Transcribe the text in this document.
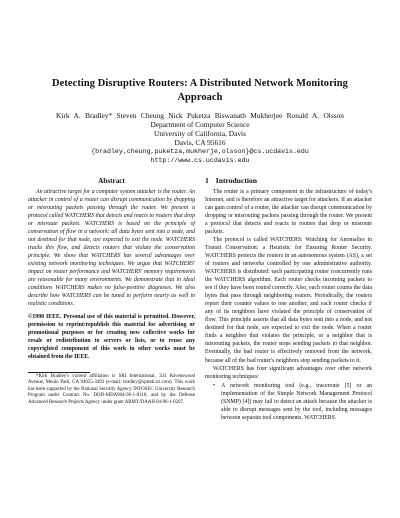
Detecting Disruptive Routers: A Distributed Network Monitoring
Approach
Kirk A. Bradley* Steven Cheung Nick Puketza Biswanath Mukherjee Ronald A. Olsson
Department of Computer Science
University of California, Davis
Davis, CA 95616
{bradley,cheung,puketza,mukherje,olsson}@cs.ucdavis.edu
http://www.cs.ucdavis.edu
Abstract
An attractive target for a computer system attacker is the router. An attacker in control of a router can disrupt communication by dropping or misrouting packets passing through the router. We present a protocol called WATCHERS that detects and reacts to routers that drop or misroute packets. WATCHERS is based on the principle of conservation of flow in a network: all data bytes sent into a node, and not destined for that node, are expected to exit the node. WATCHERS tracks this flow, and detects routers that violate the conservation principle. We show that WATCHERS has several advantages over existing network monitoring techniques. We argue that WATCHERS' impact on router performance and WATCHERS' memory requirements are reasonable for many environments. We demonstrate that in ideal conditions WATCHERS makes no false-positive diagnoses. We also describe how WATCHERS can be tuned to perform nearly as well in realistic conditions.
©1998 IEEE. Personal use of this material is permitted. However, permission to reprint/republish this material for advertising or promotional purposes or for creating new collective works for resale or redistribution to servers or lists, or to reuse any copyrighted component of this work in other works must be obtained from the IEEE.
*Kirk Bradley's current affiliation is SRI International, 333 Ravenswood Avenue, Menlo Park, CA 94025-3493 (e-mail: bradley@sprtek.sri.com). This work has been supported by the National Security Agency INFOSEC University Research Program under Contract No. DOD-MDA904-96-1-0118, and by the Defense Advanced Research Projects Agency under grant ARMY/DAAH 04-96-1-0207.
1 Introduction
The router is a primary component in the infrastructure of today's Internet, and is therefore an attractive target for attackers. If an attacker can gain control of a router, the attacker can disrupt communication by dropping or misrouting packets passing through the router. We present a protocol that detects and reacts to routers that drop or misroute packets.
The protocol is called WATCHERS: Watching for Anomalies in Transit Conservation: a Heuristic for Ensuring Router Security. WATCHERS protects the routers in an autonomous system (AS), a set of routers and networks controlled by one administrative authority. WATCHERS is distributed: each participating router concurrently runs the WATCHERS algorithm. Each router checks incoming packets to see if they have been routed correctly. Also, each router counts the data bytes that pass through neighboring routers. Periodically, the routers report their counter values to one another, and each router checks if any of its neighbors have violated the principle of conservation of flow. This principle asserts that all data bytes sent into a node, and not destined for that node, are expected to exit the node. When a router finds a neighbor that violates the principle, or a neighbor that is misrouting packets, the router stops sending packets to that neighbor. Eventually, the bad router is effectively removed from the network, because all of the bad router's neighbors stop sending packets to it.
WATCHERS has four significant advantages over other network monitoring techniques:
•	A network monitoring tool (e.g., traceroute [5] or an implementation of the Simple Network Management Protocol (SNMP) [4]) may fail to detect an attack because the attacker is able to disrupt messages sent by the tool, including messages between separate tool components. WATCHERS
